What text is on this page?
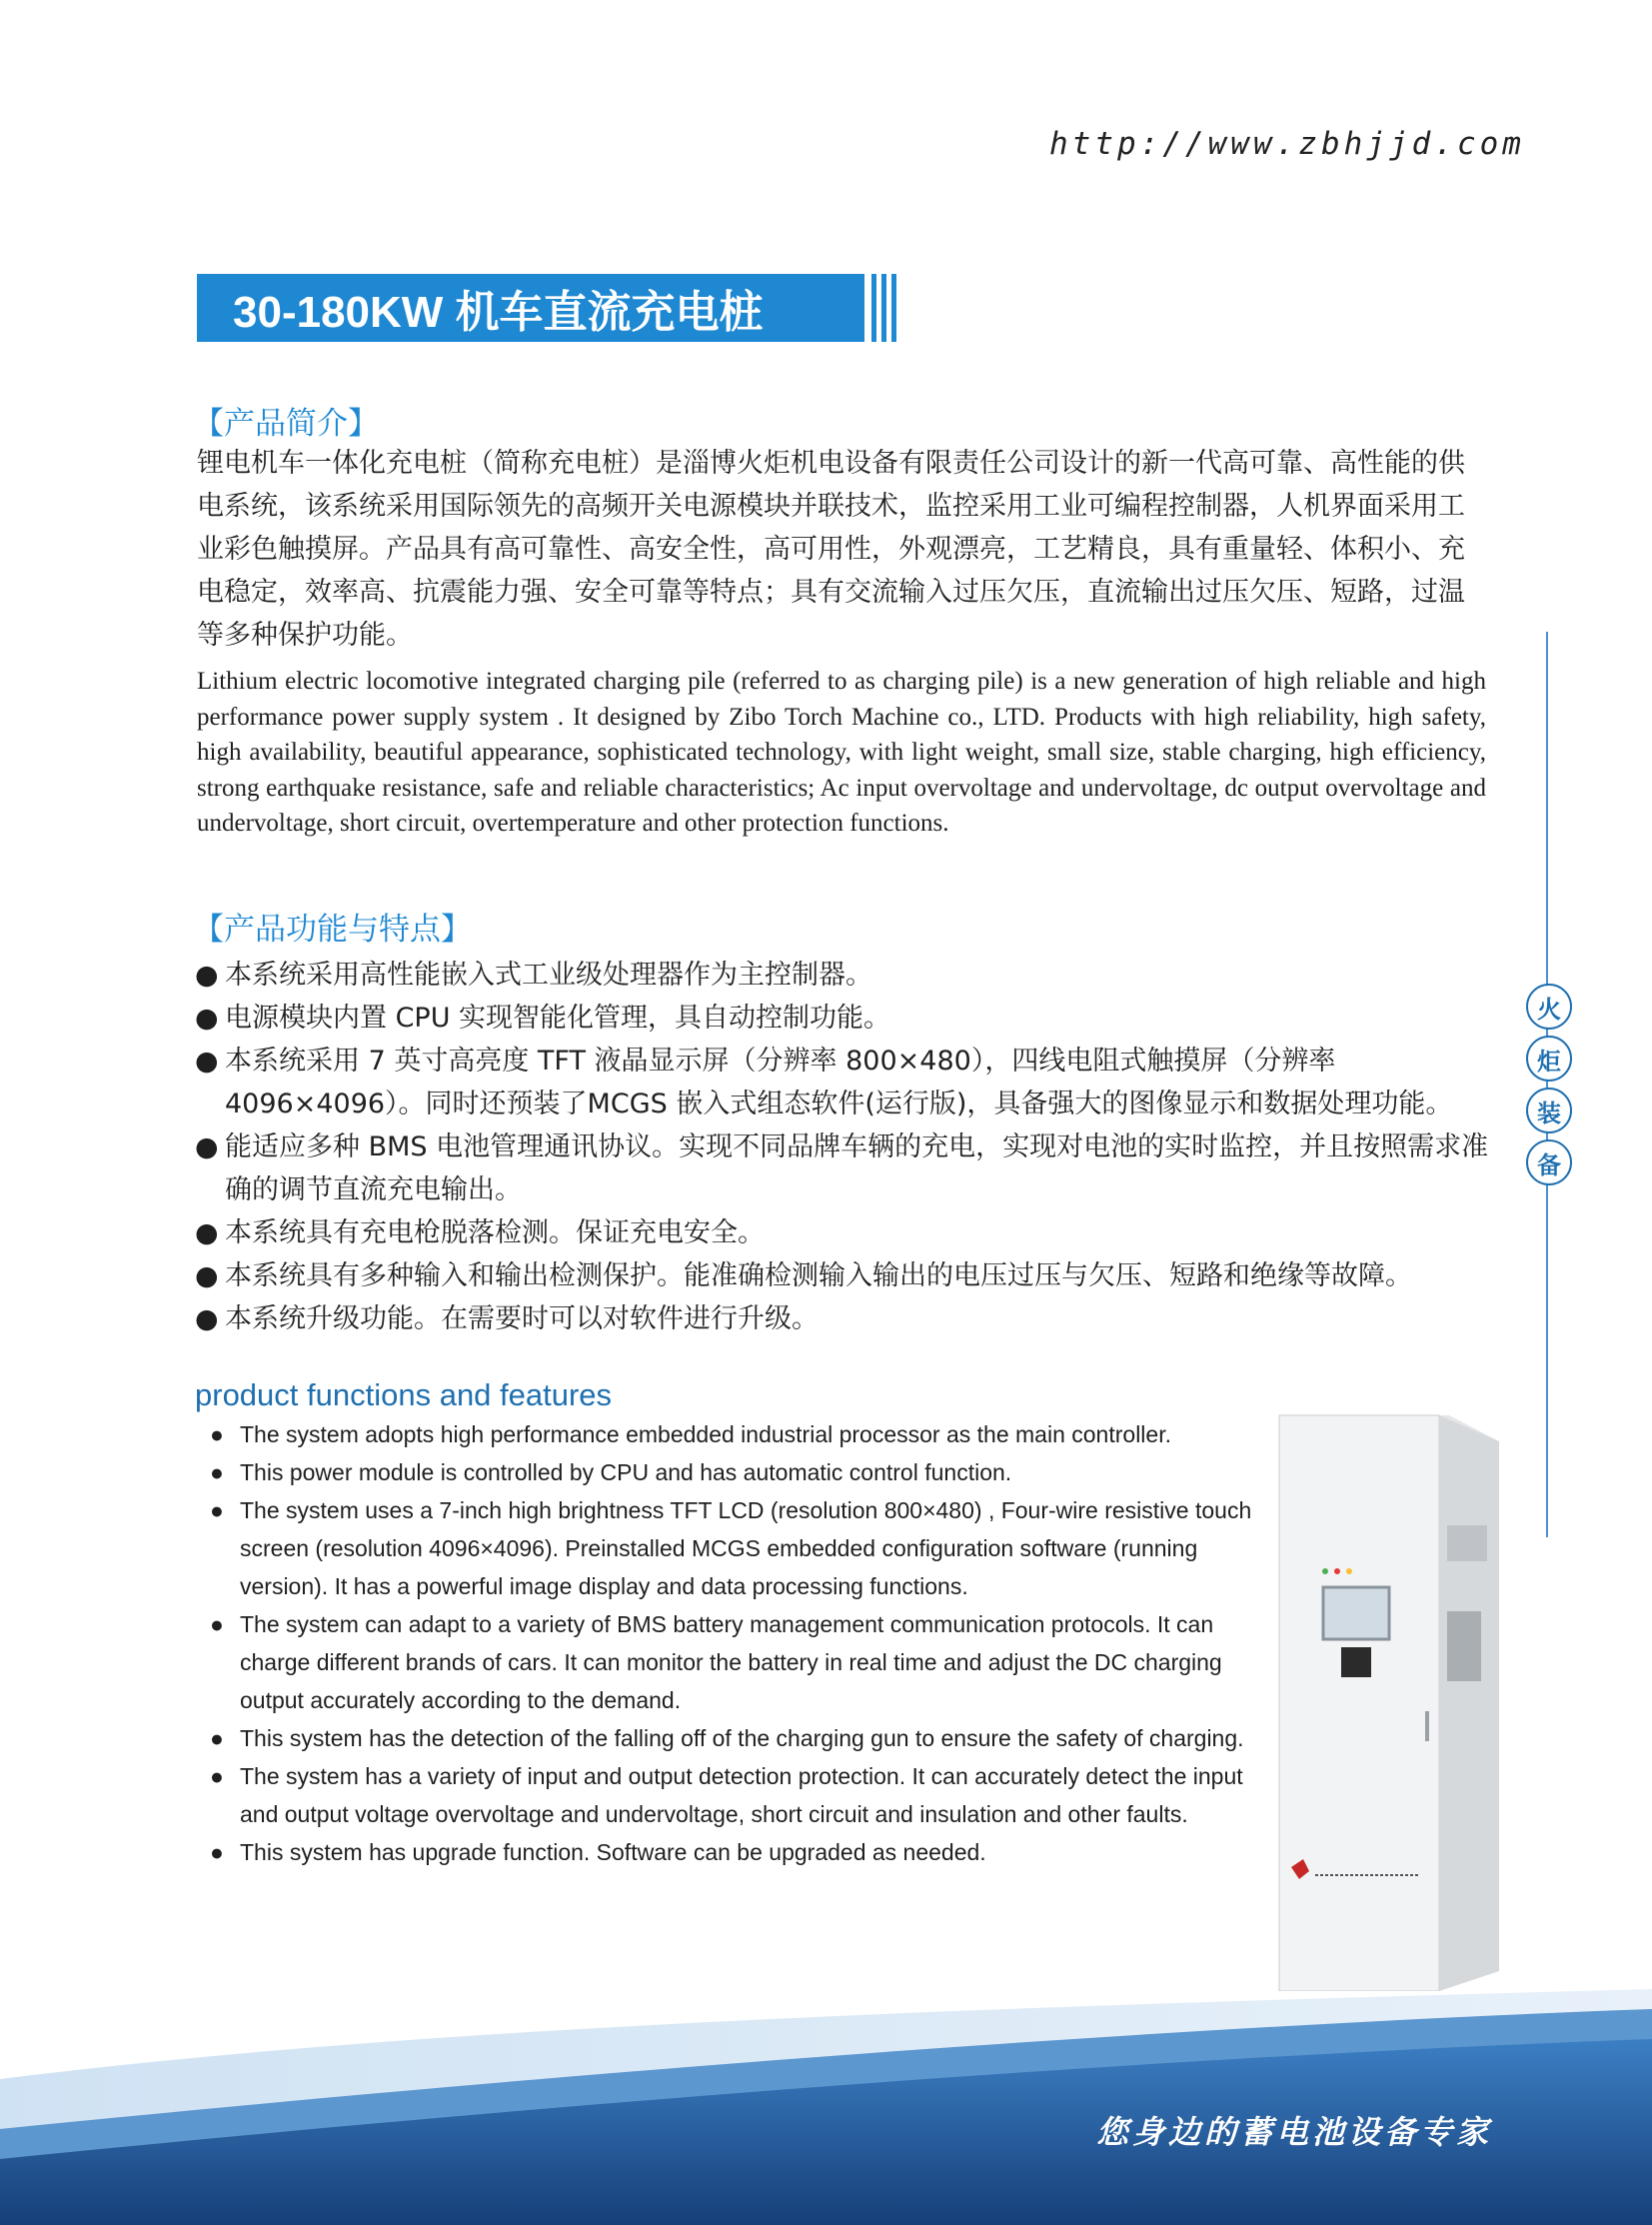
http://www.zbhjjd.com
30-180KW 机车直流充电桩
【产品简介】
锂电机车一体化充电桩（简称充电桩）是淄博火炬机电设备有限责任公司设计的新一代高可靠、高性能的供电系统，该系统采用国际领先的高频开关电源模块并联技术，监控采用工业可编程控制器，人机界面采用工业彩色触摸屏。产品具有高可靠性、高安全性，高可用性，外观漂亮，工艺精良，具有重量轻、体积小、充电稳定，效率高、抗震能力强、安全可靠等特点；具有交流输入过压欠压，直流输出过压欠压、短路，过温等多种保护功能。
Lithium electric locomotive integrated charging pile (referred to as charging pile) is a new generation of high reliable and high performance power supply system . It designed by Zibo Torch Machine co., LTD. Products with high reliability, high safety, high availability, beautiful appearance, sophisticated technology, with light weight, small size, stable charging, high efficiency, strong earthquake resistance, safe and reliable characteristics; Ac input overvoltage and undervoltage, dc output overvoltage and undervoltage, short circuit, overtemperature and other protection functions.
【产品功能与特点】
● 本系统采用高性能嵌入式工业级处理器作为主控制器。
● 电源模块内置 CPU 实现智能化管理，具自动控制功能。
● 本系统采用 7 英寸高亮度 TFT 液晶显示屏（分辨率 800×480），四线电阻式触摸屏（分辨率 4096×4096）。同时还预装了MCGS 嵌入式组态软件(运行版)，具备强大的图像显示和数据处理功能。
● 能适应多种 BMS 电池管理通讯协议。实现不同品牌车辆的充电，实现对电池的实时监控，并且按照需求准确的调节直流充电输出。
● 本系统具有充电枪脱落检测。保证充电安全。
● 本系统具有多种输入和输出检测保护。能准确检测输入输出的电压过压与欠压、短路和绝缘等故障。
● 本系统升级功能。在需要时可以对软件进行升级。
product functions and features
● The system adopts high performance embedded industrial processor as the main controller.
● This power module is controlled by CPU and has automatic control function.
● The system uses a 7-inch high brightness TFT LCD (resolution 800×480) , Four-wire resistive touch screen (resolution 4096×4096). Preinstalled MCGS embedded configuration software (running version). It has a powerful image display and data processing functions.
● The system can adapt to a variety of BMS battery management communication protocols. It can charge different brands of cars. It can monitor the battery in real time and adjust the DC charging output accurately according to the demand.
● This system has the detection of the falling off of the charging gun to ensure the safety of charging.
● The system has a variety of input and output detection protection. It can accurately detect the input and output voltage overvoltage and undervoltage, short circuit and insulation and other faults.
● This system has upgrade function. Software can be upgraded as needed.
火
炬
装
备
您身边的蓄电池设备专家
